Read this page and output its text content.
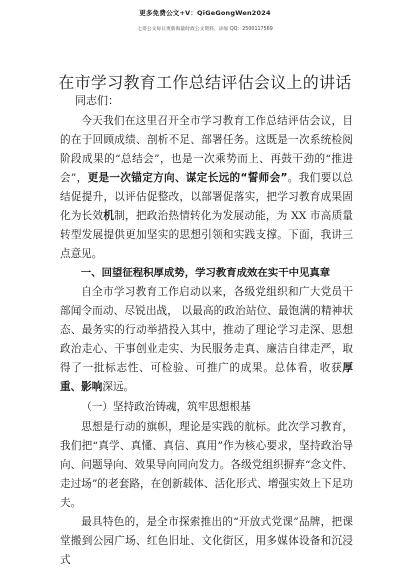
更多免费公文+V：QiGeGongWen2024
七哥公文每日更新海量时政公文资料，添加 QQ：2500117569
在市学习教育工作总结评估会议上的讲话
同志们：

今天我们在这里召开全市学习教育工作总结评估会议，目的在于回顾成绩、剖析不足、部署任务。这既是一次系统检阅阶段成果的“总结会”，也是一次乘势而上、再鼓干劲的“推进会”，更是一次锚定方向、谋定长远的“誓师会”。我们要以总结促提升，以评估促整改，以部署促落实，把学习教育成果固化为长效机制，把政治热情转化为发展动能，为 XX 市高质量转型发展提供更加坚实的思想引领和实践支撑。下面，我讲三点意见。

一、回望征程积厚成势，学习教育成效在实干中见真章

自全市学习教育工作启动以来，各级党组织和广大党员干部闻令而动、尽锐出战， 以最高的政治站位、最饱满的精神状态、最务实的行动举措投入其中，推动了理论学习走深、思想政治走心、干事创业走实、为民服务走真、廉洁自律走严，取得了一批标志性、可检验、可推广的成果。总体看，收获厚重、影响深远。

（一）坚持政治铸魂，筑牢思想根基

思想是行动的旗帜，理论是实践的航标。此次学习教育，我们把“真学、真懂、真信、真用”作为核心要求，坚持政治导向、问题导向、效果导向同向发力。各级党组织摒弃“念文件、走过场”的老套路，在创新载体、活化形式、增强实效上下足功夫。

最具特色的，是全市探索推出的“开放式党课”品牌，把课堂搬到公园广场、红色旧址、文化街区，用多媒体设备和沉浸式
